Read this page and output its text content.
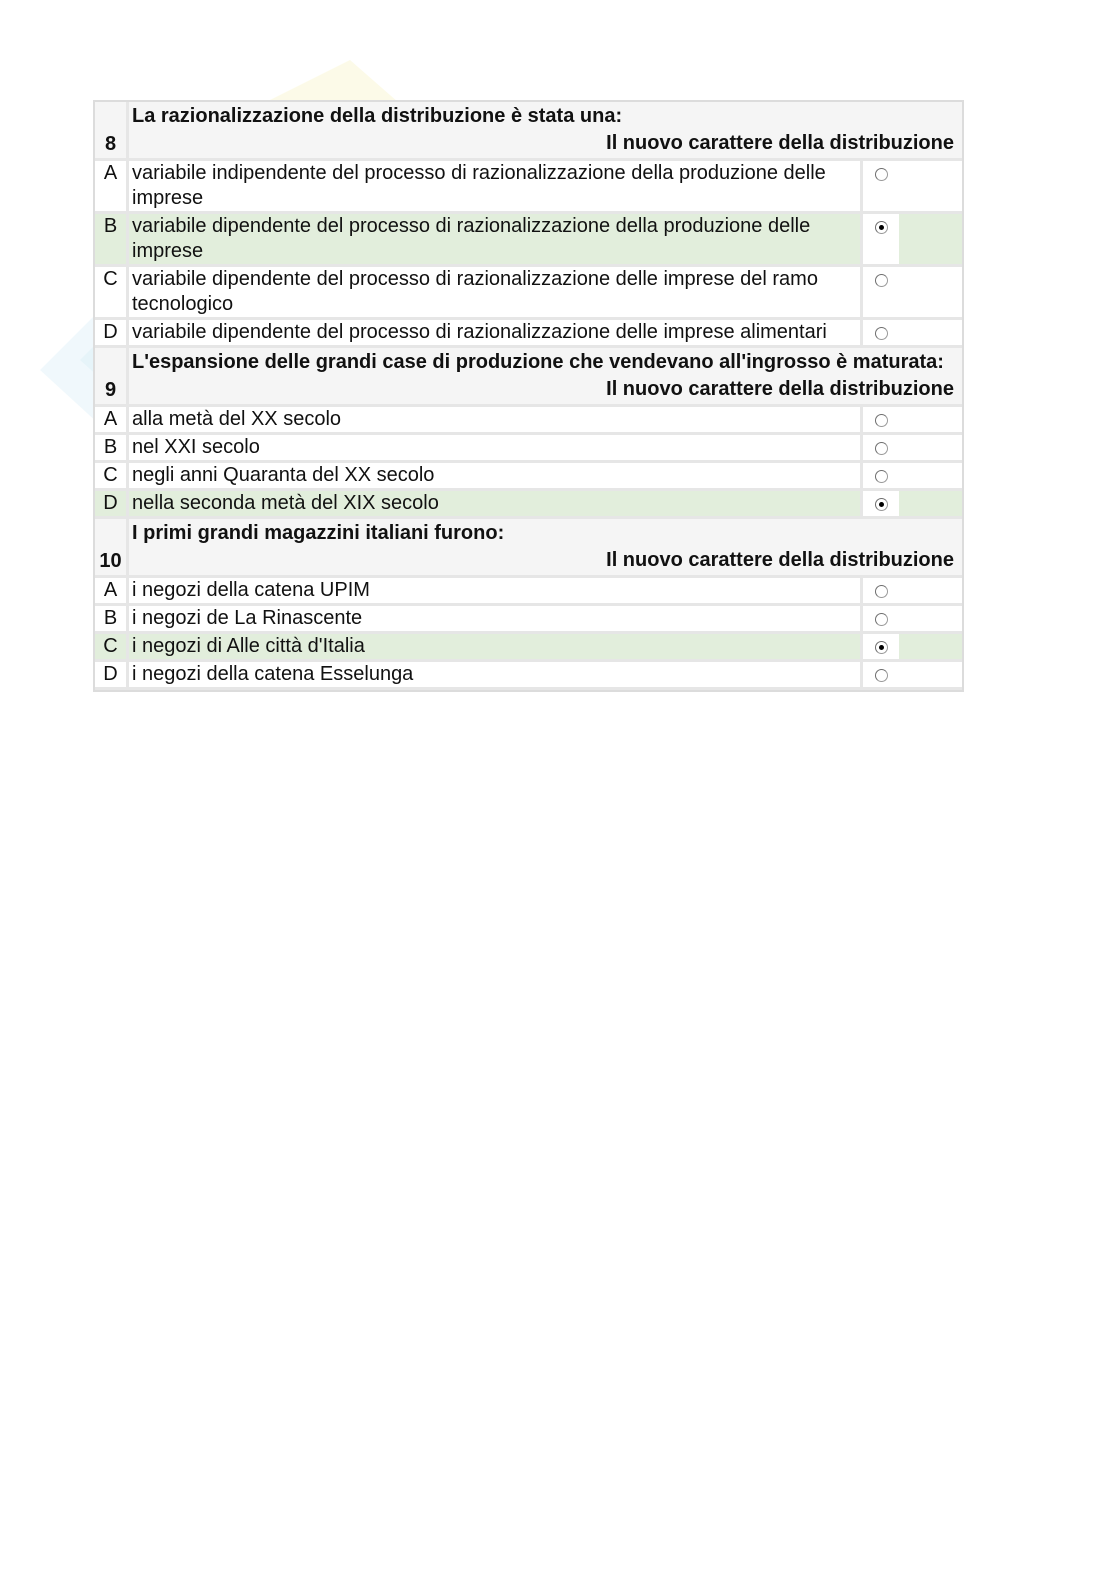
8
La razionalizzazione della distribuzione è stata una:
Il nuovo carattere della distribuzione
A variabile indipendente del processo di razionalizzazione della produzione delle imprese
B variabile dipendente del processo di razionalizzazione della produzione delle imprese
C variabile dipendente del processo di razionalizzazione delle imprese del ramo tecnologico
D variabile dipendente del processo di razionalizzazione delle imprese alimentari
9
L'espansione delle grandi case di produzione che vendevano all'ingrosso è maturata:
Il nuovo carattere della distribuzione
A alla metà del XX secolo
B nel XXI secolo
C negli anni Quaranta del XX secolo
D nella seconda metà del XIX secolo
10
I primi grandi magazzini italiani furono:
Il nuovo carattere della distribuzione
A i negozi della catena UPIM
B i negozi de La Rinascente
C i negozi di Alle città d'Italia
D i negozi della catena Esselunga
